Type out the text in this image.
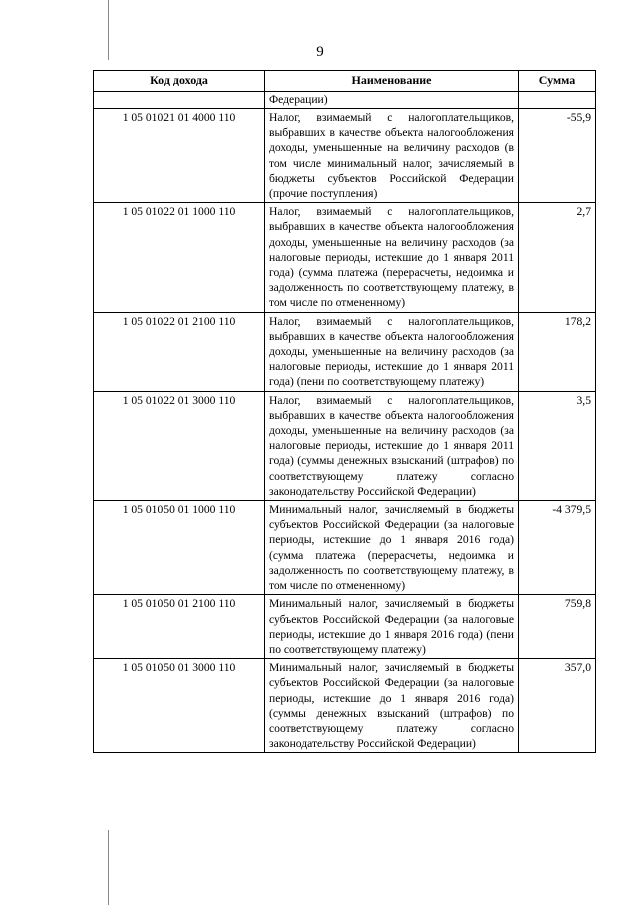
9
Код дохода	Наименование	Сумма
	Федерации)	
1 05 01021 01 4000 110	Налог, взимаемый с налогоплательщиков, выбравших в качестве объекта налогообложения доходы, уменьшенные на величину расходов (в том числе минимальный налог, зачисляемый в бюджеты субъектов Российской Федерации (прочие поступления)	-55,9
1 05 01022 01 1000 110	Налог, взимаемый с налогоплательщиков, выбравших в качестве объекта налогообложения доходы, уменьшенные на величину расходов (за налоговые периоды, истекшие до 1 января 2011 года) (сумма платежа (перерасчеты, недоимка и задолженность по соответствующему платежу, в том числе по отмененному)	2,7
1 05 01022 01 2100 110	Налог, взимаемый с налогоплательщиков, выбравших в качестве объекта налогообложения доходы, уменьшенные на величину расходов (за налоговые периоды, истекшие до 1 января 2011 года) (пени по соответствующему платежу)	178,2
1 05 01022 01 3000 110	Налог, взимаемый с налогоплательщиков, выбравших в качестве объекта налогообложения доходы, уменьшенные на величину расходов (за налоговые периоды, истекшие до 1 января 2011 года) (суммы денежных взысканий (штрафов) по соответствующему платежу согласно законодательству Российской Федерации)	3,5
1 05 01050 01 1000 110	Минимальный налог, зачисляемый в бюджеты субъектов Российской Федерации (за налоговые периоды, истекшие до 1 января 2016 года) (сумма платежа (перерасчеты, недоимка и задолженность по соответствующему платежу, в том числе по отмененному)	-4 379,5
1 05 01050 01 2100 110	Минимальный налог, зачисляемый в бюджеты субъектов Российской Федерации (за налоговые периоды, истекшие до 1 января 2016 года) (пени по соответствующему платежу)	759,8
1 05 01050 01 3000 110	Минимальный налог, зачисляемый в бюджеты субъектов Российской Федерации (за налоговые периоды, истекшие до 1 января 2016 года) (суммы денежных взысканий (штрафов) по соответствующему платежу согласно законодательству Российской Федерации)	357,0
